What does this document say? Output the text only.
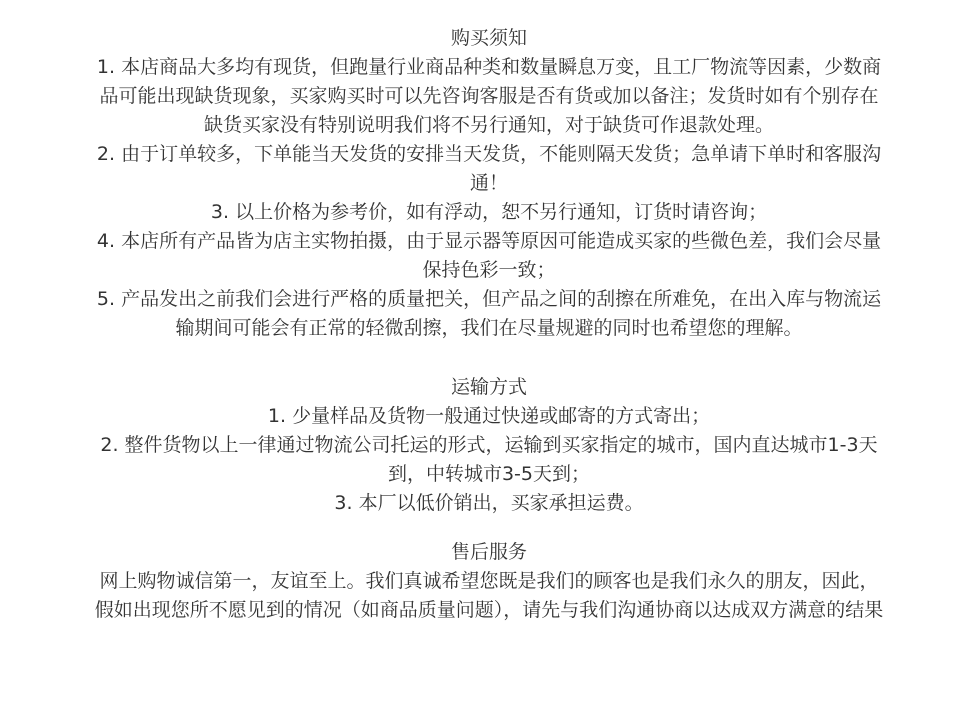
购买须知

1. 本店商品大多均有现货，但跑量行业商品种类和数量瞬息万变，且工厂物流等因素，少数商品可能出现缺货现象，买家购买时可以先咨询客服是否有货或加以备注；发货时如有个别存在缺货买家没有特别说明我们将不另行通知，对于缺货可作退款处理。

2. 由于订单较多，下单能当天发货的安排当天发货，不能则隔天发货；急单请下单时和客服沟通！

3. 以上价格为参考价，如有浮动，恕不另行通知，订货时请咨询；

4. 本店所有产品皆为店主实物拍摄，由于显示器等原因可能造成买家的些微色差，我们会尽量保持色彩一致；

5. 产品发出之前我们会进行严格的质量把关，但产品之间的刮擦在所难免，在出入库与物流运输期间可能会有正常的轻微刮擦，我们在尽量规避的同时也希望您的理解。

运输方式

1. 少量样品及货物一般通过快递或邮寄的方式寄出；

2. 整件货物以上一律通过物流公司托运的形式，运输到买家指定的城市，国内直达城市1-3天到，中转城市3-5天到；

3. 本厂以低价销出，买家承担运费。

售后服务

网上购物诚信第一，友谊至上。我们真诚希望您既是我们的顾客也是我们永久的朋友，因此，假如出现您所不愿见到的情况（如商品质量问题），请先与我们沟通协商以达成双方满意的结果
